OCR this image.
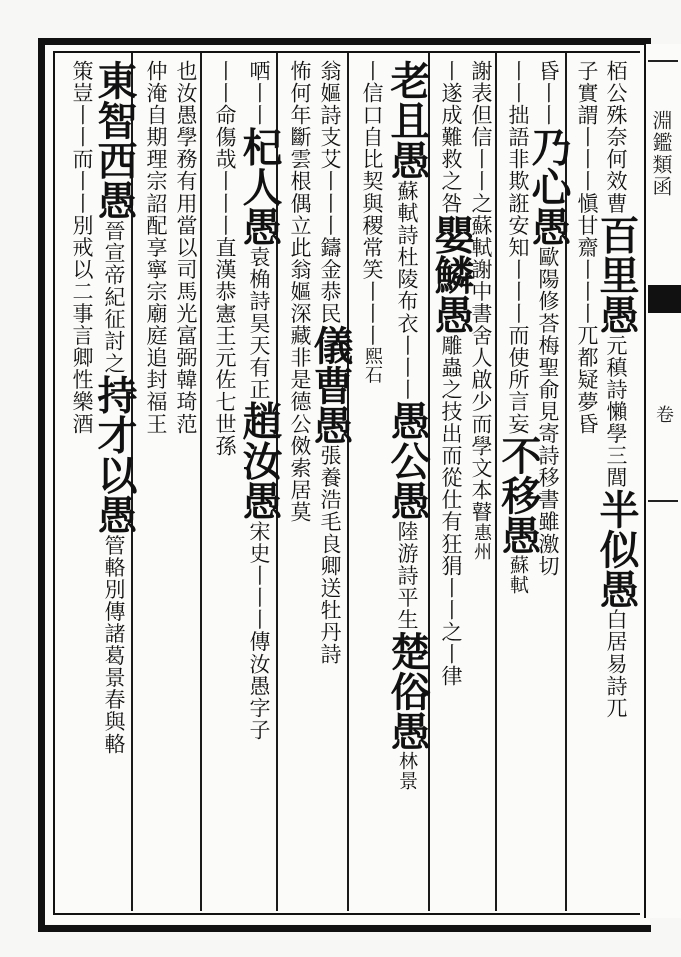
栢公殊奈何效曹百里愚元稹詩懶學三閭半似愚白居易詩兀
子實謂丨丨丨愼甘齋丨丨丨兀都疑夢昏
昏丨丨乃心愚歐陽修荅梅聖俞見寄詩移書雖激切
丨丨拙語非欺誑安知丨丨丨而使所言妄不移愚蘇軾
謝表但信丨丨之蘇軾謝中書舍人啟少而學文本瞽惠州
丨遂成難救之咎嬰鱗愚雕蟲之技出而從仕有狂狷丨丨之丨律
老且愚蘇軾詩杜陵布衣丨丨丨愚公愚陸游詩平生楚俗愚林景
丨信口自比契與稷常笑丨丨丨熙石
翁嫗詩支艾丨丨丨鑄金恭民儀曹愚張養浩毛良卿送牡丹詩
怖何年斷雲根偶立此翁嫗深藏非是德公傚索居莫
哂丨丨杞人愚袁桷詩昊天有正趙汝愚宋史丨丨丨傳汝愚字子
丨丨命傷哉丨丨丨直漢恭憲王元佐七世孫
也汝愚學務有用當以司馬光富弼韓琦范
仲淹自期理宗詔配享寧宗廟庭追封福王
東智西愚晉宣帝紀征討之持才以愚管輅別傳諸葛景春與輅
策豈丨丨而丨丨別戒以二事言卿性樂酒
淵鑑類函
卷
